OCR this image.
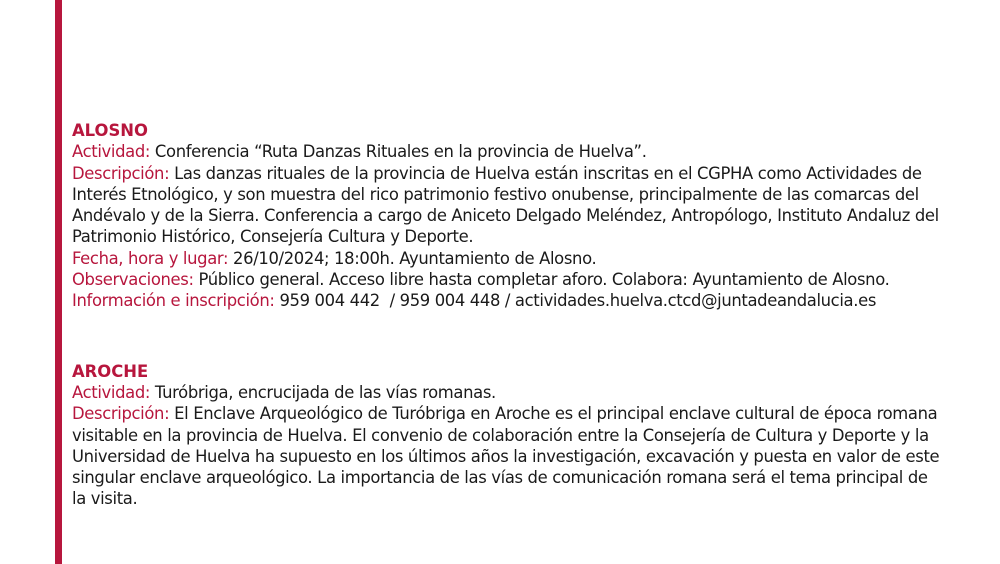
ALOSNO

Actividad: Conferencia “Ruta Danzas Rituales en la provincia de Huelva”.

Descripción: Las danzas rituales de la provincia de Huelva están inscritas en el CGPHA como Actividades de Interés Etnológico, y son muestra del rico patrimonio festivo onubense, principalmente de las comarcas del Andévalo y de la Sierra. Conferencia a cargo de Aniceto Delgado Meléndez, Antropólogo, Instituto Andaluz del Patrimonio Histórico, Consejería Cultura y Deporte.

Fecha, hora y lugar: 26/10/2024; 18:00h. Ayuntamiento de Alosno.

Observaciones: Público general. Acceso libre hasta completar aforo. Colabora: Ayuntamiento de Alosno.

Información e inscripción: 959 004 442  / 959 004 448 / actividades.huelva.ctcd@juntadeandalucia.es

AROCHE

Actividad: Turóbriga, encrucijada de las vías romanas.

Descripción: El Enclave Arqueológico de Turóbriga en Aroche es el principal enclave cultural de época romana visitable en la provincia de Huelva. El convenio de colaboración entre la Consejería de Cultura y Deporte y la Universidad de Huelva ha supuesto en los últimos años la investigación, excavación y puesta en valor de este singular enclave arqueológico. La importancia de las vías de comunicación romana será el tema principal de la visita.
